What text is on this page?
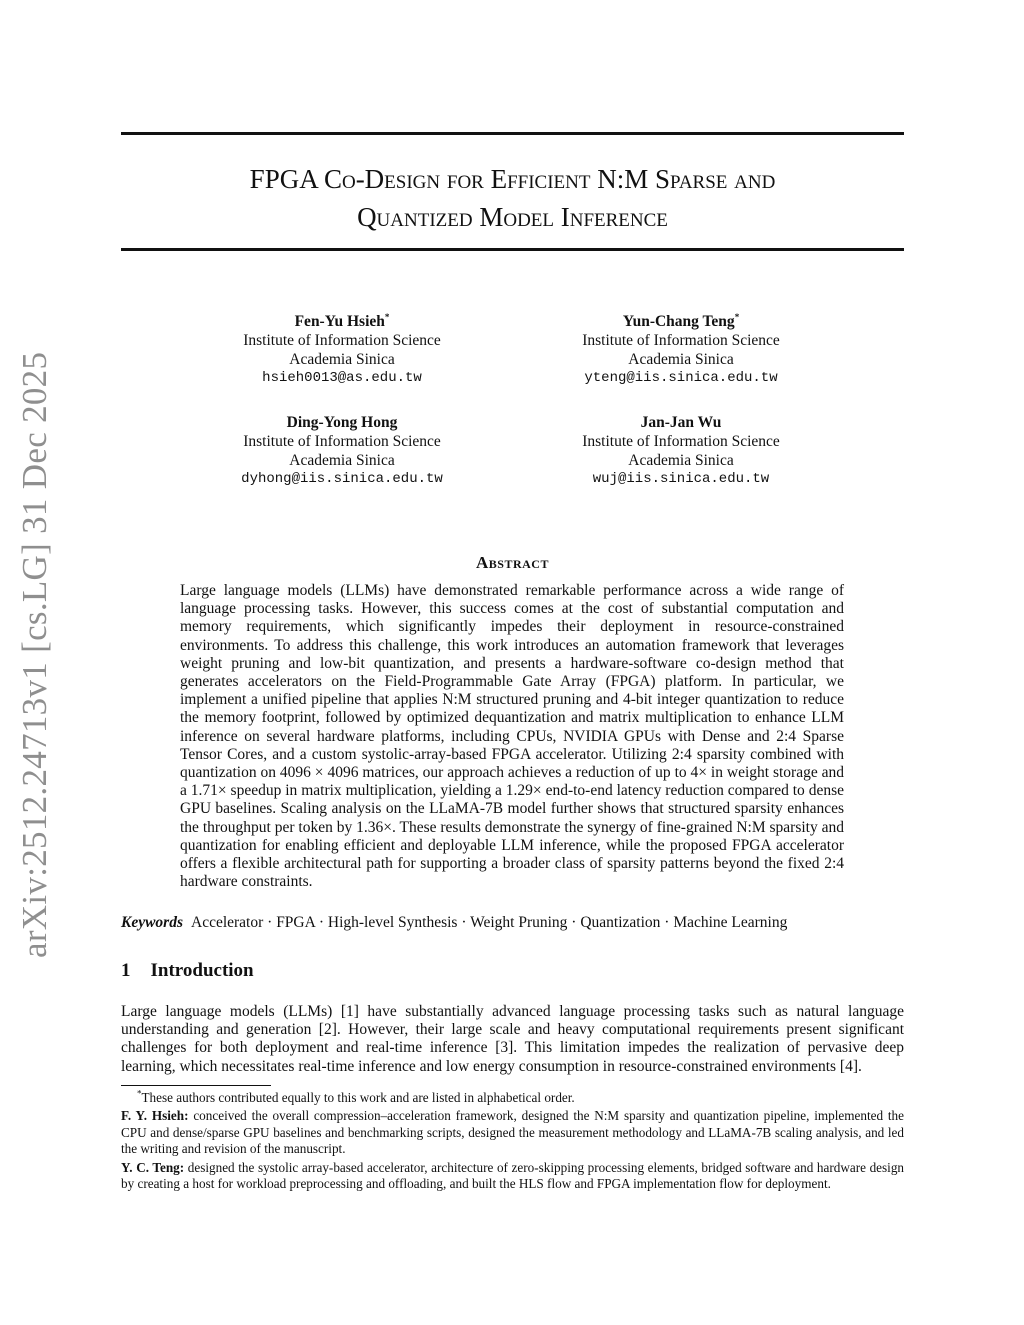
arXiv:2512.24713v1 [cs.LG] 31 Dec 2025
FPGA Co-Design for Efficient N:M Sparse and
Quantized Model Inference
Fen-Yu Hsieh*
Institute of Information Science
Academia Sinica
hsieh0013@as.edu.tw
Yun-Chang Teng*
Institute of Information Science
Academia Sinica
yteng@iis.sinica.edu.tw
Ding-Yong Hong
Institute of Information Science
Academia Sinica
dyhong@iis.sinica.edu.tw
Jan-Jan Wu
Institute of Information Science
Academia Sinica
wuj@iis.sinica.edu.tw
Abstract
Large language models (LLMs) have demonstrated remarkable performance across a wide range of language processing tasks. However, this success comes at the cost of substantial computation and memory requirements, which significantly impedes their deployment in resource-constrained environments. To address this challenge, this work introduces an automation framework that leverages weight pruning and low-bit quantization, and presents a hardware-software co-design method that generates accelerators on the Field-Programmable Gate Array (FPGA) platform. In particular, we implement a unified pipeline that applies N:M structured pruning and 4-bit integer quantization to reduce the memory footprint, followed by optimized dequantization and matrix multiplication to enhance LLM inference on several hardware platforms, including CPUs, NVIDIA GPUs with Dense and 2:4 Sparse Tensor Cores, and a custom systolic-array-based FPGA accelerator. Utilizing 2:4 sparsity combined with quantization on 4096 × 4096 matrices, our approach achieves a reduction of up to 4× in weight storage and a 1.71× speedup in matrix multiplication, yielding a 1.29× end-to-end latency reduction compared to dense GPU baselines. Scaling analysis on the LLaMA-7B model further shows that structured sparsity enhances the throughput per token by 1.36×. These results demonstrate the synergy of fine-grained N:M sparsity and quantization for enabling efficient and deployable LLM inference, while the proposed FPGA accelerator offers a flexible architectural path for supporting a broader class of sparsity patterns beyond the fixed 2:4 hardware constraints.
Keywords Accelerator · FPGA · High-level Synthesis · Weight Pruning · Quantization · Machine Learning
1 Introduction
Large language models (LLMs) [1] have substantially advanced language processing tasks such as natural language understanding and generation [2]. However, their large scale and heavy computational requirements present significant challenges for both deployment and real-time inference [3]. This limitation impedes the realization of pervasive deep learning, which necessitates real-time inference and low energy consumption in resource-constrained environments [4].

*These authors contributed equally to this work and are listed in alphabetical order.

F. Y. Hsieh: conceived the overall compression–acceleration framework, designed the N:M sparsity and quantization pipeline, implemented the CPU and dense/sparse GPU baselines and benchmarking scripts, designed the measurement methodology and LLaMA-7B scaling analysis, and led the writing and revision of the manuscript.

Y. C. Teng: designed the systolic array-based accelerator, architecture of zero-skipping processing elements, bridged software and hardware design by creating a host for workload preprocessing and offloading, and built the HLS flow and FPGA implementation flow for deployment.
